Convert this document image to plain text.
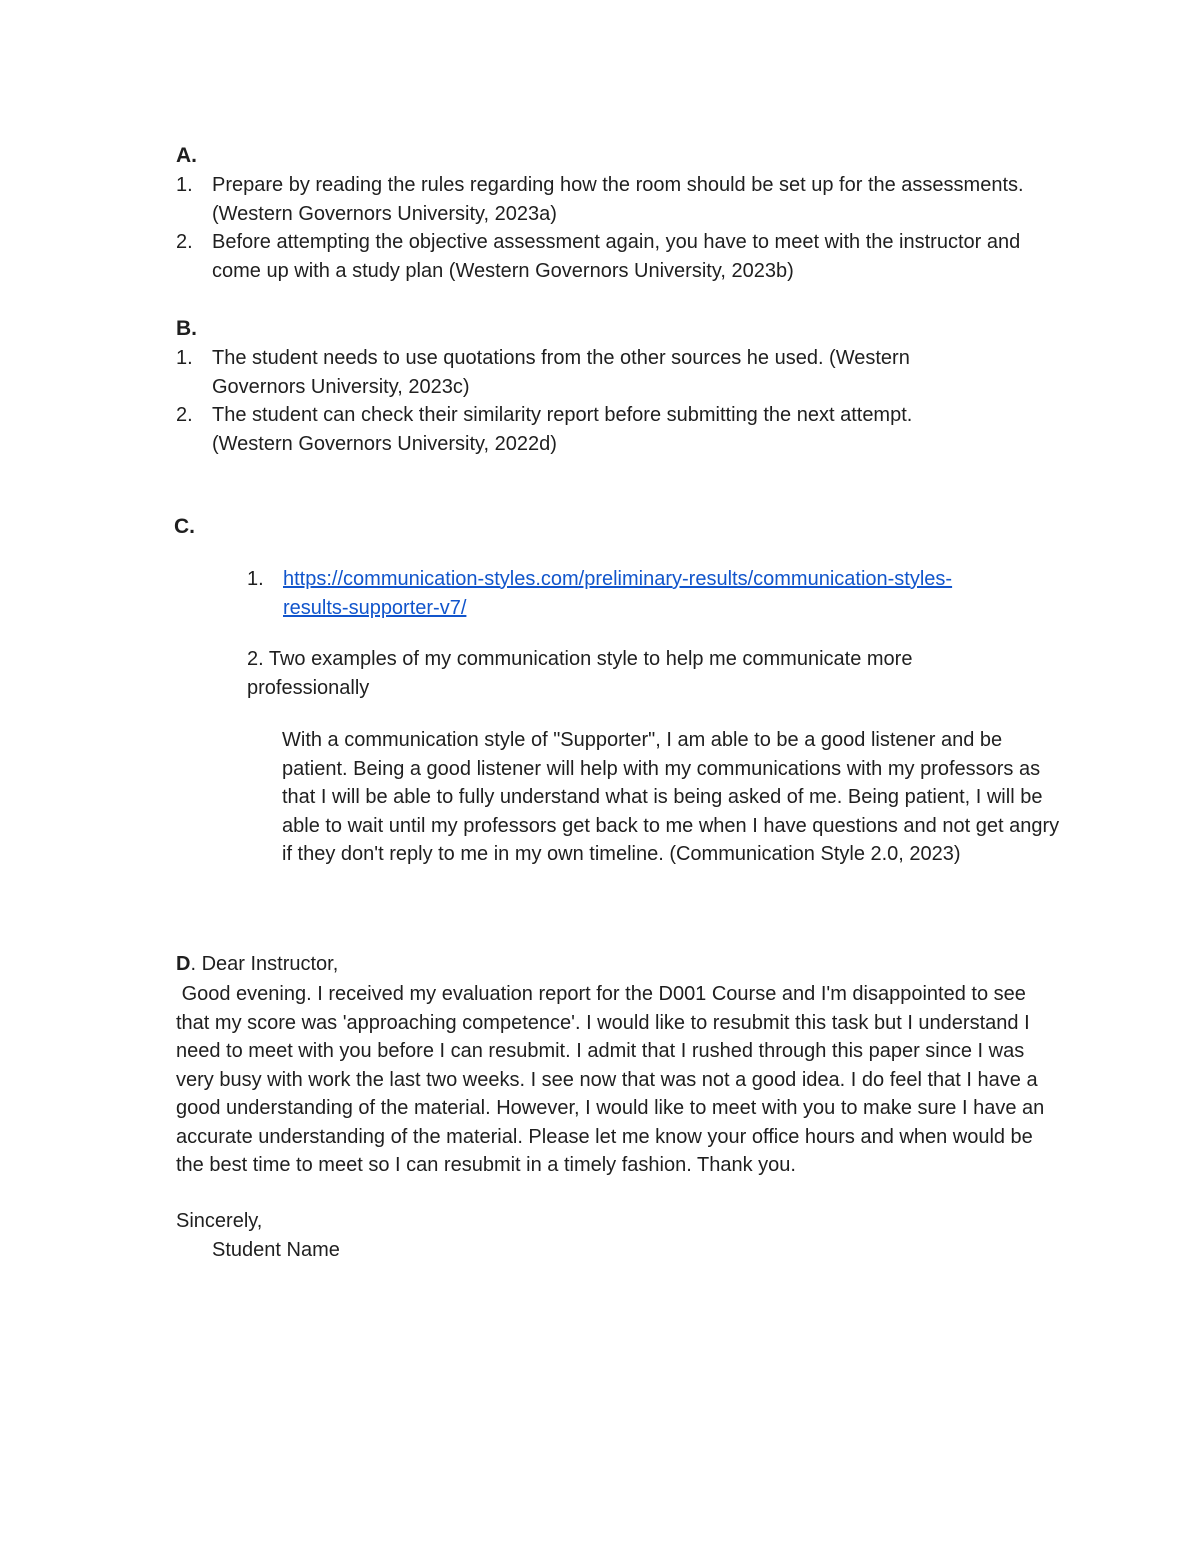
A.
1. Prepare by reading the rules regarding how the room should be set up for the assessments. (Western Governors University, 2023a)
2. Before attempting the objective assessment again, you have to meet with the instructor and come up with a study plan (Western Governors University, 2023b)
B.
1. The student needs to use quotations from the other sources he used. (Western Governors University, 2023c)
2. The student can check their similarity report before submitting the next attempt. (Western Governors University, 2022d)
C.
1. https://communication-styles.com/preliminary-results/communication-styles-results-supporter-v7/

2. Two examples of my communication style to help me communicate more professionally

With a communication style of "Supporter", I am able to be a good listener and be patient. Being a good listener will help with my communications with my professors as that I will be able to fully understand what is being asked of me. Being patient, I will be able to wait until my professors get back to me when I have questions and not get angry if they don't reply to me in my own timeline. (Communication Style 2.0, 2023)

D. Dear Instructor,

Good evening. I received my evaluation report for the D001 Course and I'm disappointed to see that my score was 'approaching competence'. I would like to resubmit this task but I understand I need to meet with you before I can resubmit. I admit that I rushed through this paper since I was very busy with work the last two weeks. I see now that was not a good idea. I do feel that I have a good understanding of the material. However, I would like to meet with you to make sure I have an accurate understanding of the material. Please let me know your office hours and when would be the best time to meet so I can resubmit in a timely fashion. Thank you.

Sincerely,

Student Name
